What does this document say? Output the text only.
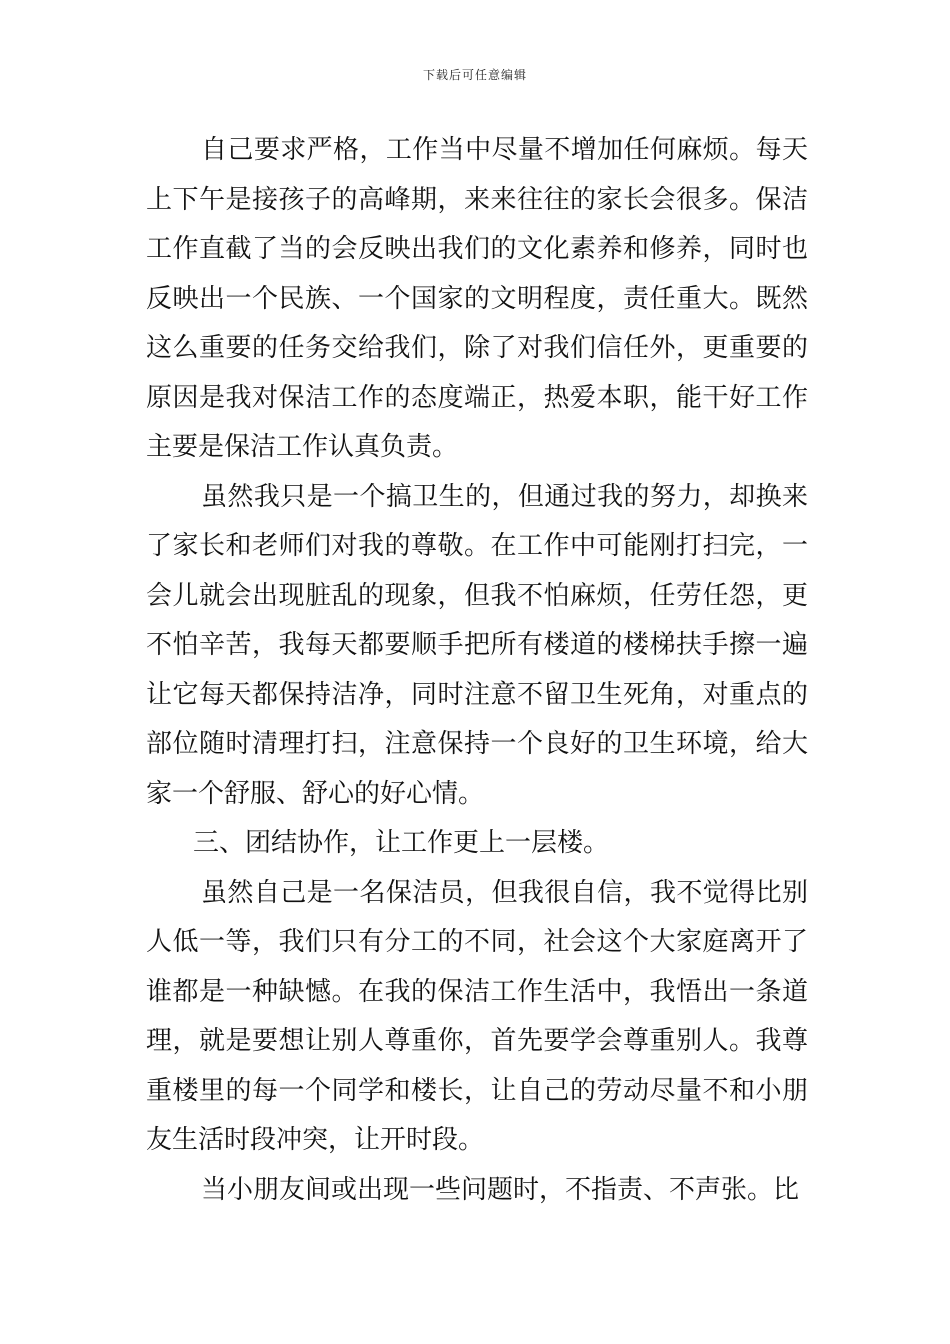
下载后可任意编辑

自己要求严格，工作当中尽量不增加任何麻烦。每天上下午是接孩子的高峰期，来来往往的家长会很多。保洁工作直截了当的会反映出我们的文化素养和修养，同时也反映出一个民族、一个国家的文明程度，责任重大。既然这么重要的任务交给我们，除了对我们信任外，更重要的原因是我对保洁工作的态度端正，热爱本职，能干好工作主要是保洁工作认真负责。

虽然我只是一个搞卫生的，但通过我的努力，却换来了家长和老师们对我的尊敬。在工作中可能刚打扫完，一会儿就会出现脏乱的现象，但我不怕麻烦，任劳任怨，更不怕辛苦，我每天都要顺手把所有楼道的楼梯扶手擦一遍让它每天都保持洁净，同时注意不留卫生死角，对重点的部位随时清理打扫，注意保持一个良好的卫生环境，给大家一个舒服、舒心的好心情。

三、团结协作，让工作更上一层楼。

虽然自己是一名保洁员，但我很自信，我不觉得比别人低一等，我们只有分工的不同，社会这个大家庭离开了谁都是一种缺憾。在我的保洁工作生活中，我悟出一条道理，就是要想让别人尊重你，首先要学会尊重别人。我尊重楼里的每一个同学和楼长，让自己的劳动尽量不和小朋友生活时段冲突，让开时段。

当小朋友间或出现一些问题时，不指责、不声张。比
